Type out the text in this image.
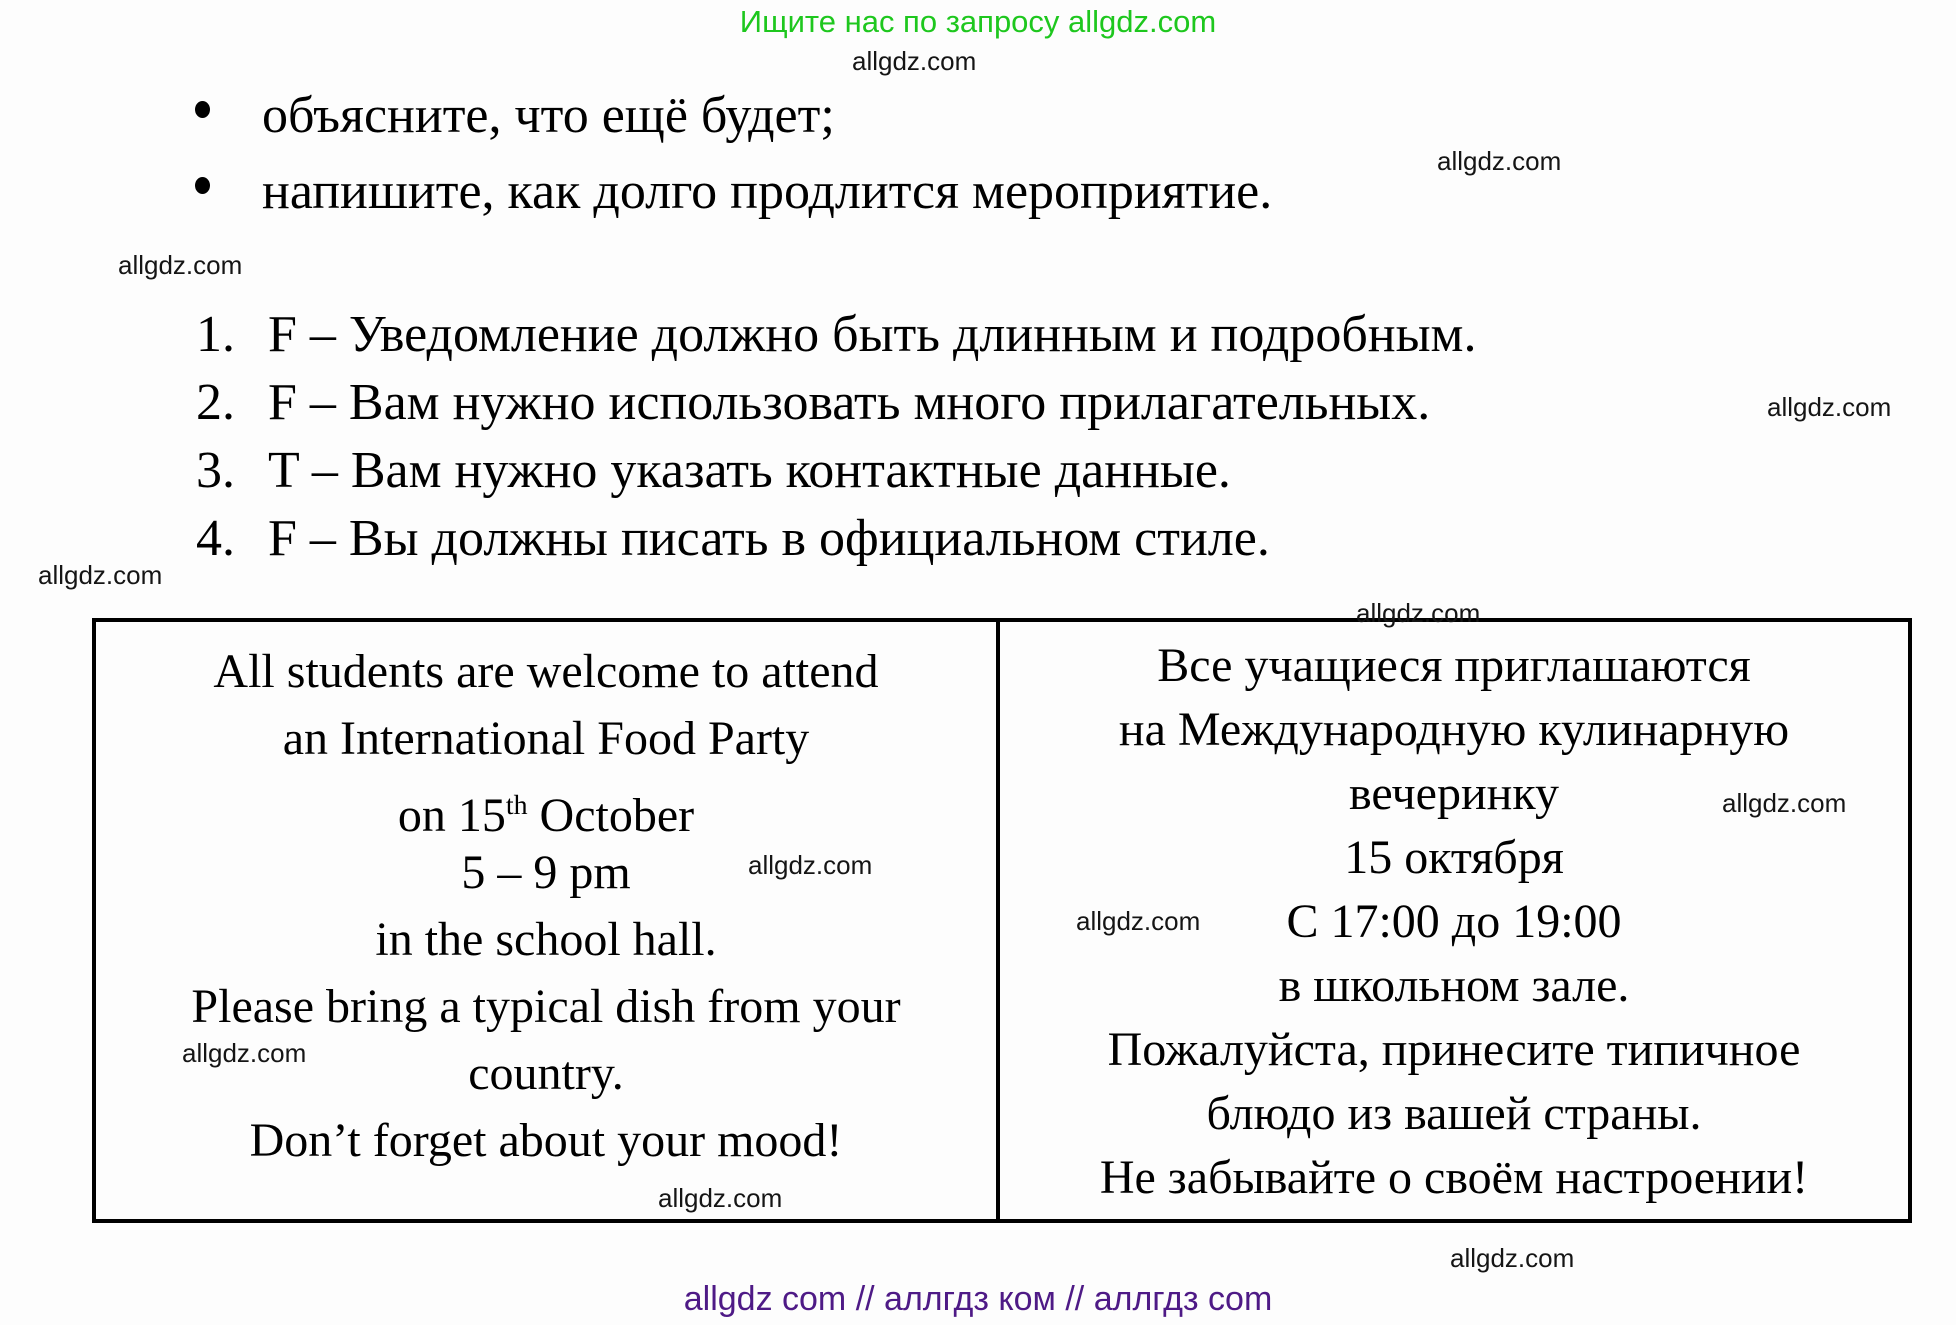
Ищите нас по запросу allgdz.com
allgdz.com
allgdz.com
allgdz.com
allgdz.com
allgdz.com
allgdz.com
allgdz.com
allgdz.com
allgdz.com
allgdz.com
allgdz.com
allgdz.com
объясните, что ещё будет;
напишите, как долго продлится мероприятие.
1. F – Уведомление должно быть длинным и подробным.
2. F – Вам нужно использовать много прилагательных.
3. T – Вам нужно указать контактные данные.
4. F – Вы должны писать в официальном стиле.
All students are welcome to attend
an International Food Party
on 15th October
5 – 9 pm
in the school hall.
Please bring a typical dish from your
country.
Don’t forget about your mood!
Все учащиеся приглашаются
на Международную кулинарную
вечеринку
15 октября
С 17:00 до 19:00
в школьном зале.
Пожалуйста, принесите типичное
блюдо из вашей страны.
Не забывайте о своём настроении!
allgdz com // аллгдз ком // аллгдз com
